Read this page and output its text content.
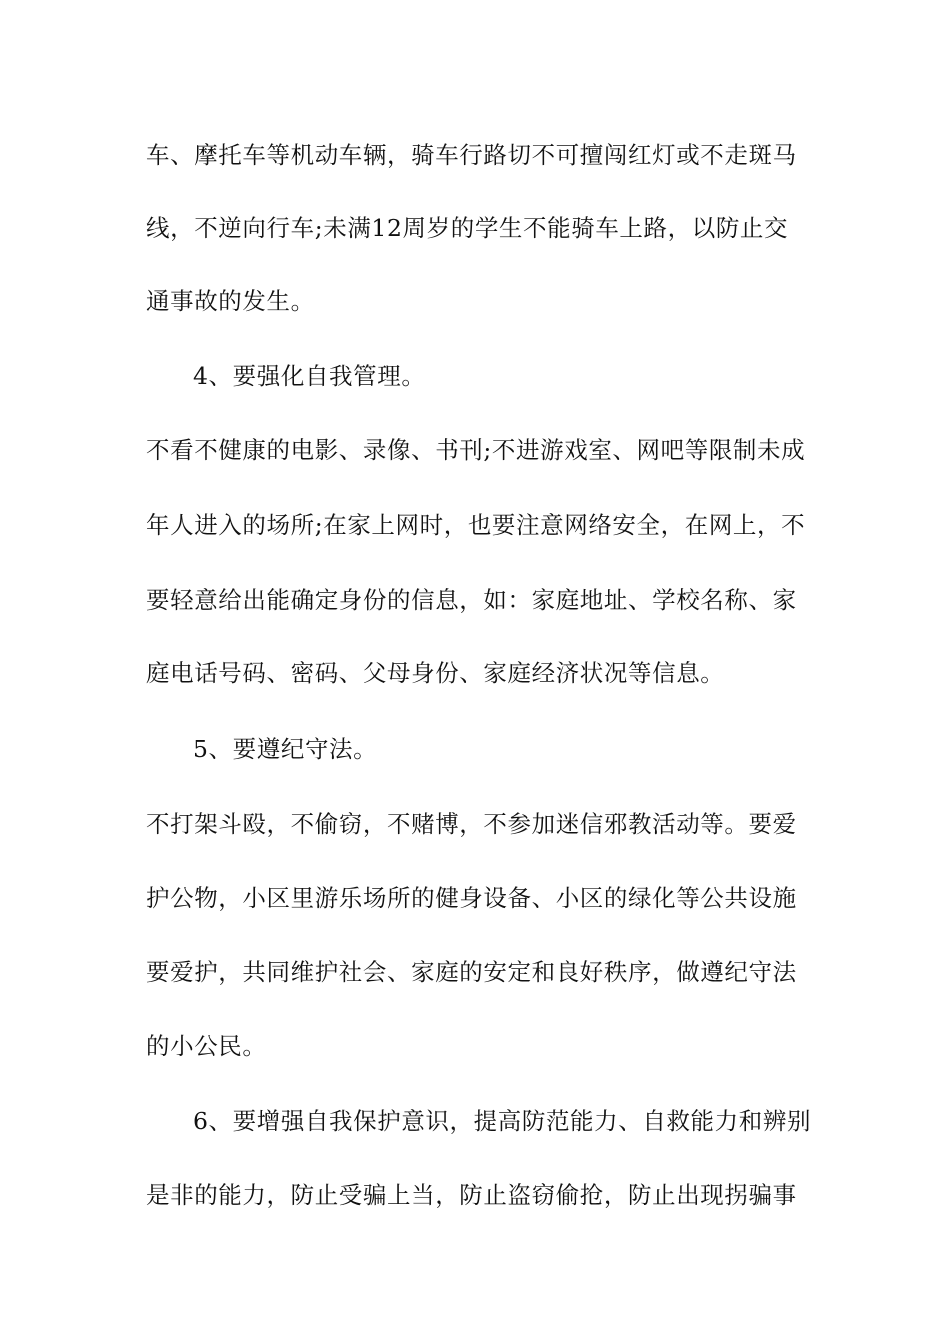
车、摩托车等机动车辆，骑车行路切不可擅闯红灯或不走斑马
线，不逆向行车;未满12周岁的学生不能骑车上路，以防止交
通事故的发生。
4、要强化自我管理。
不看不健康的电影、录像、书刊;不进游戏室、网吧等限制未成
年人进入的场所;在家上网时，也要注意网络安全，在网上，不
要轻意给出能确定身份的信息，如：家庭地址、学校名称、家
庭电话号码、密码、父母身份、家庭经济状况等信息。
5、要遵纪守法。
不打架斗殴，不偷窃，不赌博，不参加迷信邪教活动等。要爱
护公物，小区里游乐场所的健身设备、小区的绿化等公共设施
要爱护，共同维护社会、家庭的安定和良好秩序，做遵纪守法
的小公民。
6、要增强自我保护意识，提高防范能力、自救能力和辨别
是非的能力，防止受骗上当，防止盗窃偷抢，防止出现拐骗事
